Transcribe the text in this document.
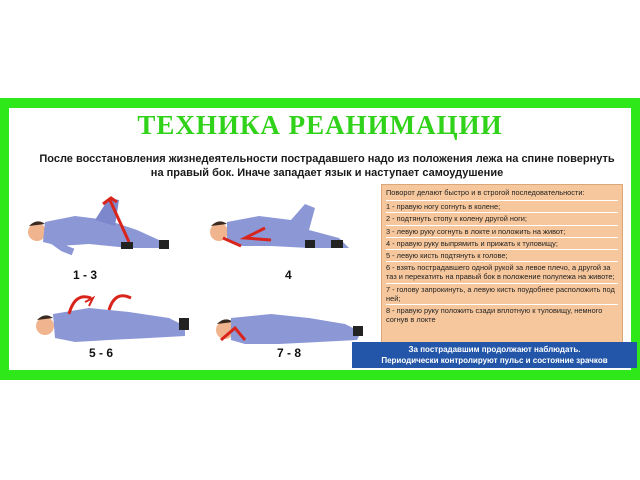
ТЕХНИКА РЕАНИМАЦИИ
После восстановления жизнедеятельности пострадавшего надо из положения лежа на спине повернуть
на правый бок. Иначе западает язык и наступает самоудушение
1 - 3	4
5 - 6	7 - 8
Поворот делают быстро и в строгой последовательности:
1 - правую ногу согнуть в колене;
2 - подтянуть стопу к колену другой ноги;
3 - левую руку согнуть в локте и положить на живот;
4 - правую руку выпрямить и прижать к туловищу;
5 - левую кисть подтянуть к голове;
6 - взять пострадавшего одной рукой за левое плечо, а другой за таз и перекатить на правый бок в положение полулежа на животе;
7 - голову запрокинуть, а левую кисть поудобнее расположить под ней;
8 - правую руку положить сзади вплотную к туловищу, немного согнув в локте
За пострадавшим продолжают наблюдать.
Периодически контролируют пульс и состояние зрачков
